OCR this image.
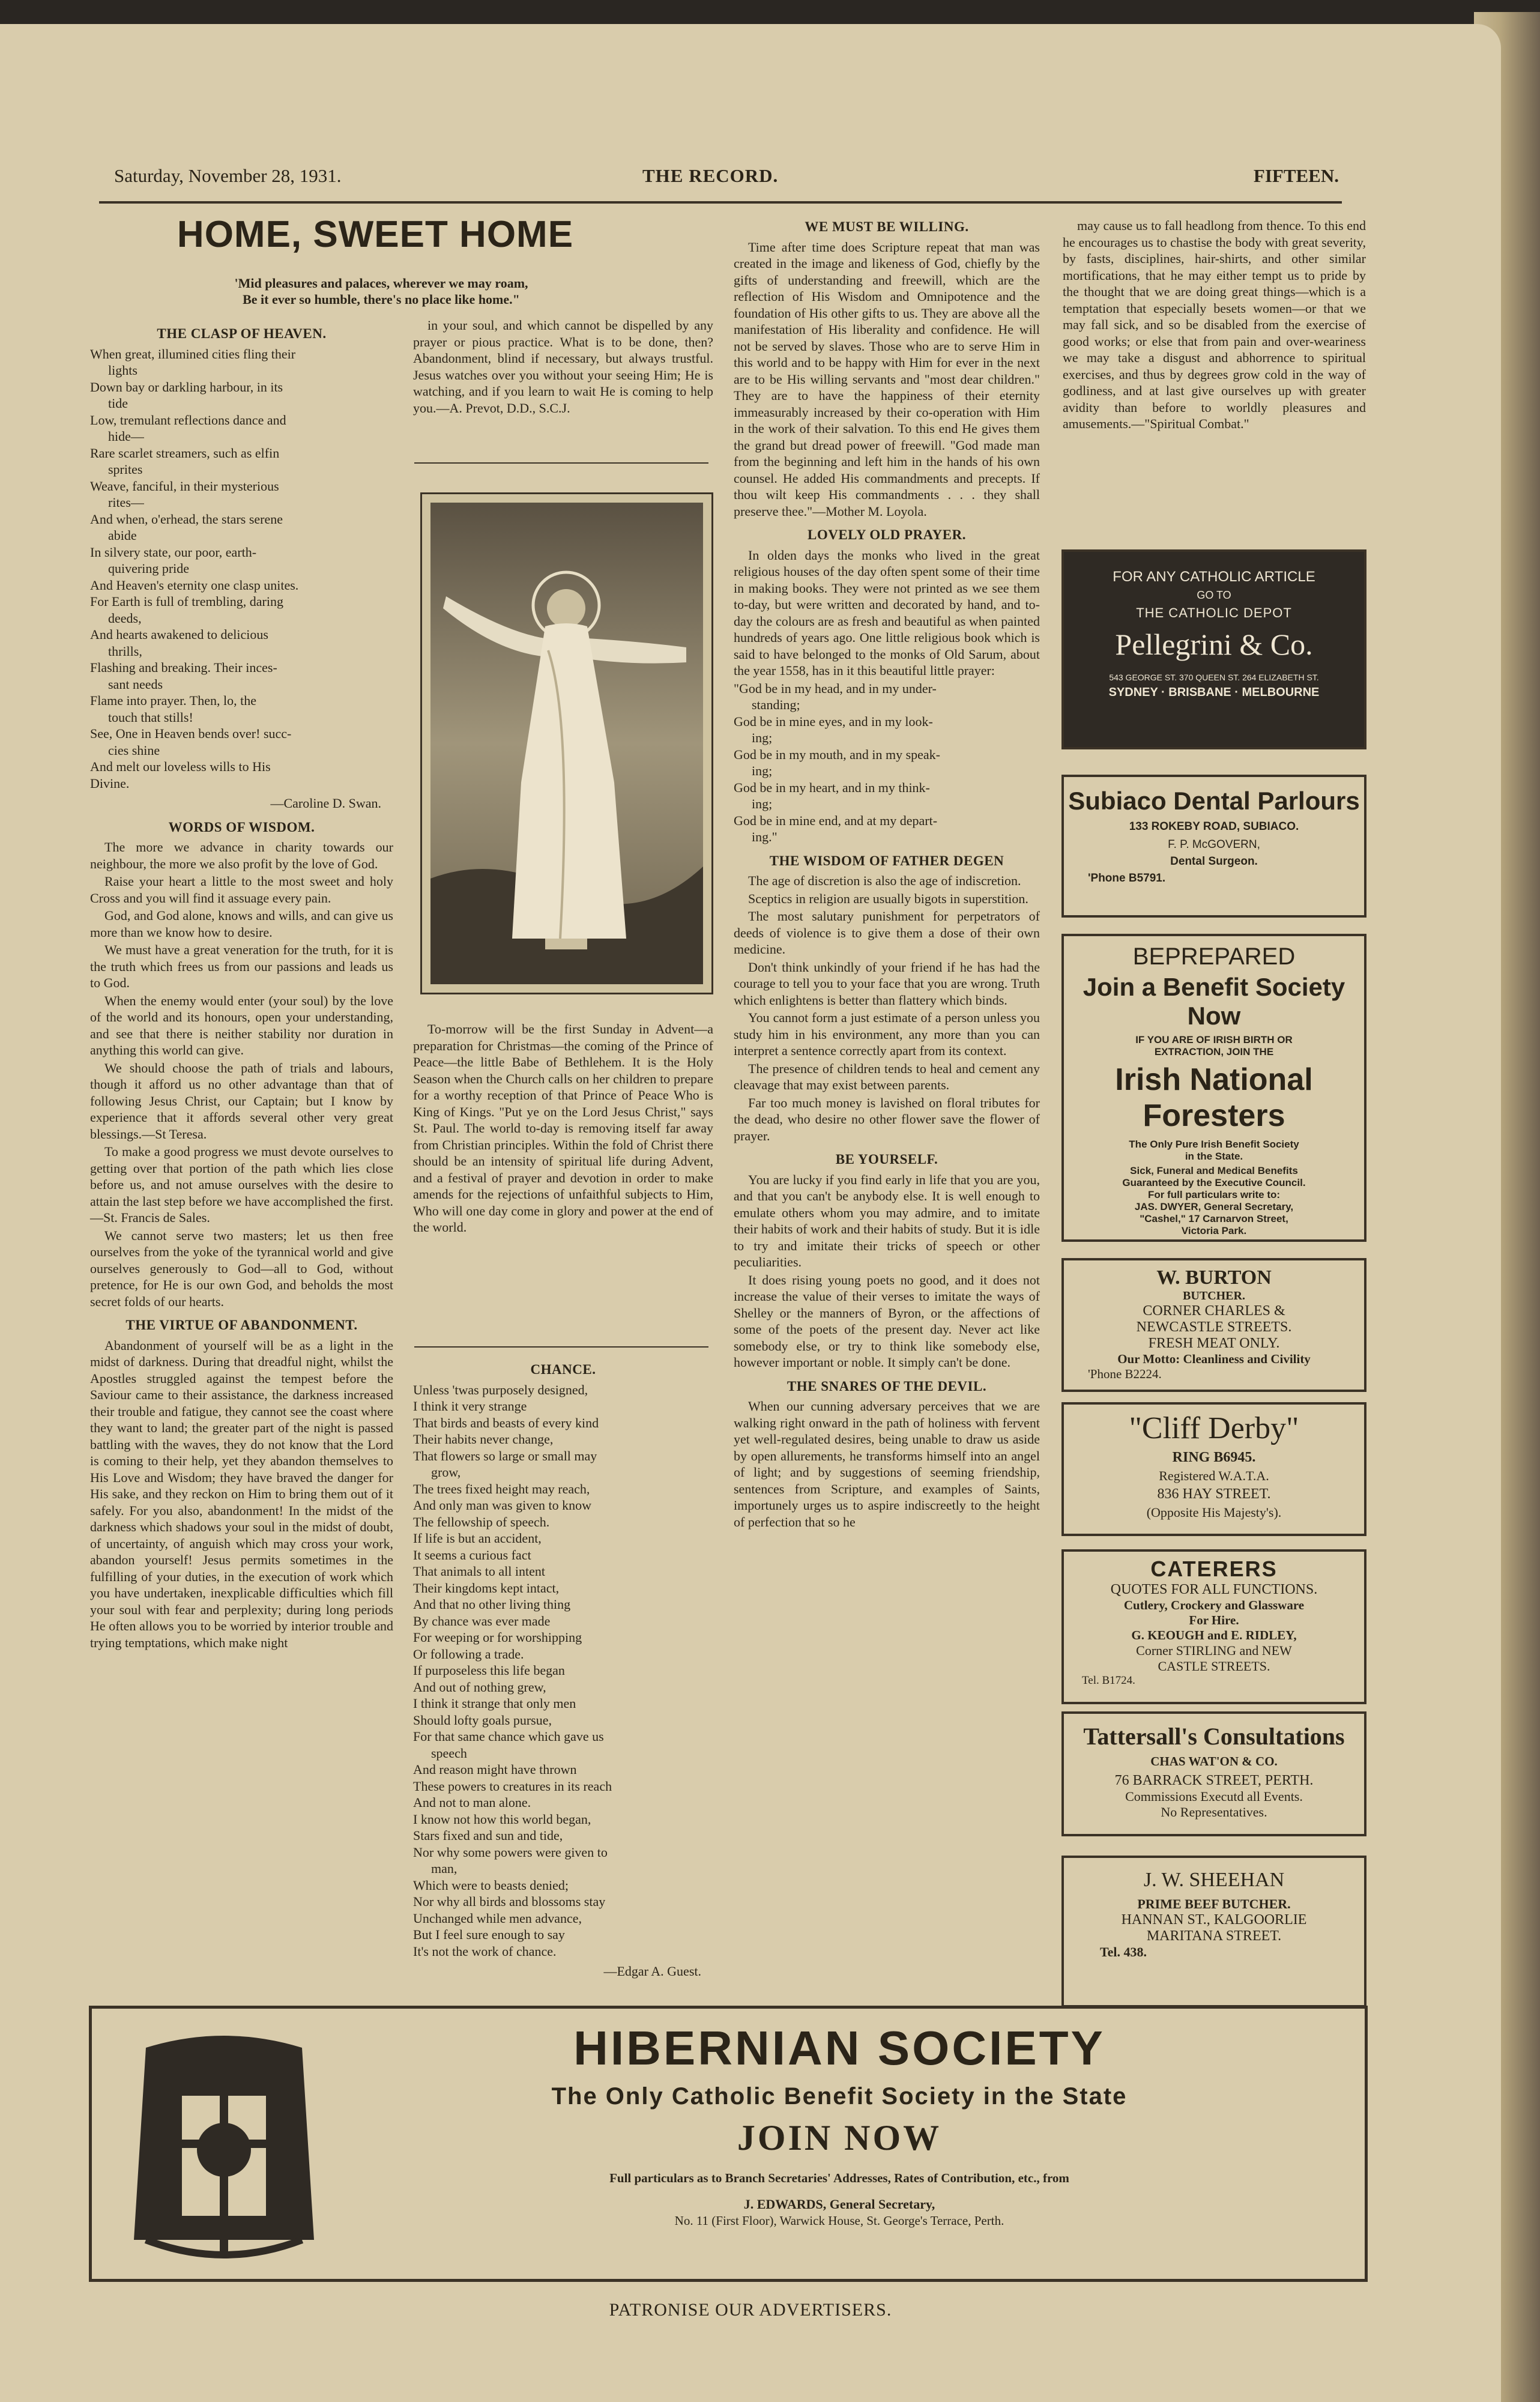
Saturday, November 28, 1931.	THE RECORD.	FIFTEEN.
HOME, SWEET HOME
'Mid pleasures and palaces, wherever we may roam,
Be it ever so humble, there's no place like home."
THE CLASP OF HEAVEN.
When great, illumined cities fling their
lights
Down bay or darkling harbour, in its
tide
Low, tremulant reflections dance and
hide—
Rare scarlet streamers, such as elfin
sprites
Weave, fanciful, in their mysterious
rites—
And when, o'erhead, the stars serene
abide
In silvery state, our poor, earth-
quivering pride
And Heaven's eternity one clasp unites.
For Earth is full of trembling, daring
deeds,
And hearts awakened to delicious
thrills,
Flashing and breaking. Their inces-
sant needs
Flame into prayer. Then, lo, the
touch that stills!
See, One in Heaven bends over! succ-
cies shine
And melt our loveless wills to His
Divine.
—Caroline D. Swan.
WORDS OF WISDOM.

The more we advance in charity towards our neighbour, the more we also profit by the love of God.

Raise your heart a little to the most sweet and holy Cross and you will find it assuage every pain.

God, and God alone, knows and wills, and can give us more than we know how to desire.

We must have a great veneration for the truth, for it is the truth which frees us from our passions and leads us to God.

When the enemy would enter (your soul) by the love of the world and its honours, open your understanding, and see that there is neither stability nor duration in anything this world can give.

We should choose the path of trials and labours, though it afford us no other advantage than that of following Jesus Christ, our Captain; but I know by experience that it affords several other very great blessings.—St Teresa.

To make a good progress we must devote ourselves to getting over that portion of the path which lies close before us, and not amuse ourselves with the desire to attain the last step before we have accomplished the first.—St. Francis de Sales.

We cannot serve two masters; let us then free ourselves from the yoke of the tyrannical world and give ourselves generously to God—all to God, without pretence, for He is our own God, and beholds the most secret folds of our hearts.

THE VIRTUE OF ABANDONMENT.

Abandonment of yourself will be as a light in the midst of darkness. During that dreadful night, whilst the Apostles struggled against the tempest before the Saviour came to their assistance, the darkness increased their trouble and fatigue, they cannot see the coast where they want to land; the greater part of the night is passed battling with the waves, they do not know that the Lord is coming to their help, yet they abandon themselves to His Love and Wisdom; they have braved the danger for His sake, and they reckon on Him to bring them out of it safely. For you also, abandonment! In the midst of the darkness which shadows your soul in the midst of doubt, of uncertainty, of anguish which may cross your work, abandon yourself! Jesus permits sometimes in the fulfilling of your duties, in the execution of work which you have undertaken, inexplicable difficulties which fill your soul with fear and perplexity; during long periods He often allows you to be worried by interior trouble and trying temptations, which make night

in your soul, and which cannot be dispelled by any prayer or pious practice. What is to be done, then? Abandonment, blind if necessary, but always trustful. Jesus watches over you without your seeing Him; He is watching, and if you learn to wait He is coming to help you.—A. Prevot, D.D., S.C.J.

To-morrow will be the first Sunday in Advent—a preparation for Christmas—the coming of the Prince of Peace—the little Babe of Bethlehem. It is the Holy Season when the Church calls on her children to prepare for a worthy reception of that Prince of Peace Who is King of Kings. "Put ye on the Lord Jesus Christ," says St. Paul. The world to-day is removing itself far away from Christian principles. Within the fold of Christ there should be an intensity of spiritual life during Advent, and a festival of prayer and devotion in order to make amends for the rejections of unfaithful subjects to Him, Who will one day come in glory and power at the end of the world.

CHANCE.
Unless 'twas purposely designed,
I think it very strange
That birds and beasts of every kind
Their habits never change,
That flowers so large or small may
grow,
The trees fixed height may reach,
And only man was given to know
The fellowship of speech.
If life is but an accident,
It seems a curious fact
That animals to all intent
Their kingdoms kept intact,
And that no other living thing
By chance was ever made
For weeping or for worshipping
Or following a trade.
If purposeless this life began
And out of nothing grew,
I think it strange that only men
Should lofty goals pursue,
For that same chance which gave us
speech
And reason might have thrown
These powers to creatures in its reach
And not to man alone.
I know not how this world began,
Stars fixed and sun and tide,
Nor why some powers were given to
man,
Which were to beasts denied;
Nor why all birds and blossoms stay
Unchanged while men advance,
But I feel sure enough to say
It's not the work of chance.
—Edgar A. Guest.
WE MUST BE WILLING.

Time after time does Scripture repeat that man was created in the image and likeness of God, chiefly by the gifts of understanding and freewill, which are the reflection of His Wisdom and Omnipotence and the foundation of His other gifts to us. They are above all the manifestation of His liberality and confidence. He will not be served by slaves. Those who are to serve Him in this world and to be happy with Him for ever in the next are to be His willing servants and "most dear children." They are to have the happiness of their eternity immeasurably increased by their co-operation with Him in the work of their salvation. To this end He gives them the grand but dread power of freewill. "God made man from the beginning and left him in the hands of his own counsel. He added His commandments and precepts. If thou wilt keep His commandments . . . they shall preserve thee."—Mother M. Loyola.

LOVELY OLD PRAYER.

In olden days the monks who lived in the great religious houses of the day often spent some of their time in making books. They were not printed as we see them to-day, but were written and decorated by hand, and to-day the colours are as fresh and beautiful as when painted hundreds of years ago. One little religious book which is said to have belonged to the monks of Old Sarum, about the year 1558, has in it this beautiful little prayer:

"God be in my head, and in my under-
standing;
God be in mine eyes, and in my look-
ing;
God be in my mouth, and in my speak-
ing;
God be in my heart, and in my think-
ing;
God be in mine end, and at my depart-
ing."
THE WISDOM OF FATHER DEGEN

The age of discretion is also the age of indiscretion.

Sceptics in religion are usually bigots in superstition.

The most salutary punishment for perpetrators of deeds of violence is to give them a dose of their own medicine.

Don't think unkindly of your friend if he has had the courage to tell you to your face that you are wrong. Truth which enlightens is better than flattery which binds.

You cannot form a just estimate of a person unless you study him in his environment, any more than you can interpret a sentence correctly apart from its context.

The presence of children tends to heal and cement any cleavage that may exist between parents.

Far too much money is lavished on floral tributes for the dead, who desire no other flower save the flower of prayer.

BE YOURSELF.

You are lucky if you find early in life that you are you, and that you can't be anybody else. It is well enough to emulate others whom you may admire, and to imitate their habits of work and their habits of study. But it is idle to try and imitate their tricks of speech or other peculiarities.

It does rising young poets no good, and it does not increase the value of their verses to imitate the ways of Shelley or the manners of Byron, or the affections of some of the poets of the present day. Never act like somebody else, or try to think like somebody else, however important or noble. It simply can't be done.

THE SNARES OF THE DEVIL.

When our cunning adversary perceives that we are walking right onward in the path of holiness with fervent yet well-regulated desires, being unable to draw us aside by open allurements, he transforms himself into an angel of light; and by suggestions of seeming friendship, sentences from Scripture, and examples of Saints, importunely urges us to aspire indiscreetly to the height of perfection that so he

may cause us to fall headlong from thence. To this end he encourages us to chastise the body with great severity, by fasts, disciplines, hair-shirts, and other similar mortifications, that he may either tempt us to pride by the thought that we are doing great things—which is a temptation that especially besets women—or that we may fall sick, and so be disabled from the exercise of good works; or else that from pain and over-weariness we may take a disgust and abhorrence to spiritual exercises, and thus by degrees grow cold in the way of godliness, and at last give ourselves up with greater avidity than before to worldly pleasures and amusements.—"Spiritual Combat."

FOR ANY CATHOLIC ARTICLE
GO TO
THE CATHOLIC DEPOT
Pellegrini & Co.
543 GEORGE ST. 370 QUEEN ST. 264 ELIZABETH ST.
SYDNEY · BRISBANE · MELBOURNE
Subiaco Dental Parlours
133 ROKEBY ROAD, SUBIACO.
F. P. McGOVERN,
Dental Surgeon.
'Phone B5791.
BEPREPARED
Join a Benefit Society Now
IF YOU ARE OF IRISH BIRTH OR
EXTRACTION, JOIN THE
Irish National Foresters
The Only Pure Irish Benefit Society
in the State.
Sick, Funeral and Medical Benefits
Guaranteed by the Executive Council.
For full particulars write to:
JAS. DWYER, General Secretary,
"Cashel," 17 Carnarvon Street,
Victoria Park.
W. BURTON
BUTCHER.
CORNER CHARLES &
NEWCASTLE STREETS.
FRESH MEAT ONLY.
Our Motto: Cleanliness and Civility
'Phone B2224.
"Cliff Derby"
RING B6945.
Registered W.A.T.A.
836 HAY STREET.
(Opposite His Majesty's).
CATERERS
QUOTES FOR ALL FUNCTIONS.
Cutlery, Crockery and Glassware
For Hire.
G. KEOUGH and E. RIDLEY,
Corner STIRLING and NEW
CASTLE STREETS.
Tel. B1724.
Tattersall's Consultations
CHAS WAT'ON & CO.
76 BARRACK STREET, PERTH.
Commissions Executd all Events.
No Representatives.
J. W. SHEEHAN
PRIME BEEF BUTCHER.
HANNAN ST., KALGOORLIE
MARITANA STREET.
Tel. 438.
HIBERNIAN SOCIETY
The Only Catholic Benefit Society in the State
JOIN NOW
Full particulars as to Branch Secretaries' Addresses, Rates of Contribution, etc., from
J. EDWARDS, General Secretary,
No. 11 (First Floor), Warwick House, St. George's Terrace, Perth.
PATRONISE OUR ADVERTISERS.
